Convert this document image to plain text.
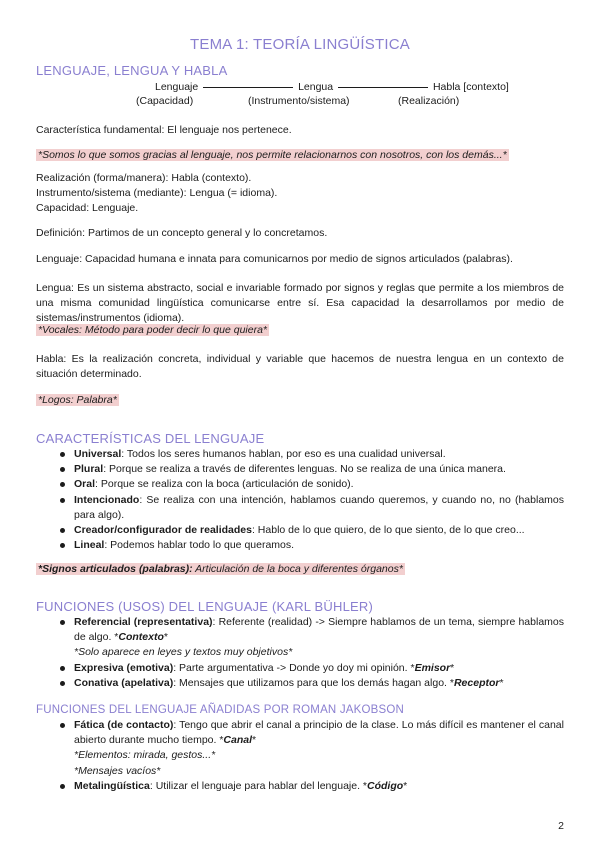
TEMA 1: TEORÍA LINGÜÍSTICA
LENGUAJE, LENGUA Y HABLA
Lenguaje	Lengua	Habla [contexto]
(Capacidad)	(Instrumento/sistema)	(Realización)
Característica fundamental: El lenguaje nos pertenece.
*Somos lo que somos gracias al lenguaje, nos permite relacionarnos con nosotros, con los demás...*
Realización (forma/manera): Habla (contexto).
Instrumento/sistema (mediante): Lengua (= idioma).
Capacidad: Lenguaje.
Definición: Partimos de un concepto general y lo concretamos.
Lenguaje: Capacidad humana e innata para comunicarnos por medio de signos articulados (palabras).
Lengua: Es un sistema abstracto, social e invariable formado por signos y reglas que permite a los miembros de una misma comunidad lingüística comunicarse entre sí. Esa capacidad la desarrollamos por medio de sistemas/instrumentos (idioma).
*Vocales: Método para poder decir lo que quiera*
Habla: Es la realización concreta, individual y variable que hacemos de nuestra lengua en un contexto de situación determinado.
*Logos: Palabra*
CARACTERÍSTICAS DEL LENGUAJE
Universal: Todos los seres humanos hablan, por eso es una cualidad universal.
Plural: Porque se realiza a través de diferentes lenguas. No se realiza de una única manera.
Oral: Porque se realiza con la boca (articulación de sonido).
Intencionado: Se realiza con una intención, hablamos cuando queremos, y cuando no, no (hablamos para algo).
Creador/configurador de realidades: Hablo de lo que quiero, de lo que siento, de lo que creo...
Lineal: Podemos hablar todo lo que queramos.
*Signos articulados (palabras): Articulación de la boca y diferentes órganos*
FUNCIONES (USOS) DEL LENGUAJE (KARL BÜHLER)
Referencial (representativa): Referente (realidad) -> Siempre hablamos de un tema, siempre hablamos de algo. *Contexto*
*Solo aparece en leyes y textos muy objetivos*
Expresiva (emotiva): Parte argumentativa -> Donde yo doy mi opinión. *Emisor*
Conativa (apelativa): Mensajes que utilizamos para que los demás hagan algo. *Receptor*
FUNCIONES DEL LENGUAJE AÑADIDAS POR ROMAN JAKOBSON
Fática (de contacto): Tengo que abrir el canal a principio de la clase. Lo más difícil es mantener el canal abierto durante mucho tiempo. *Canal*
*Elementos: mirada, gestos...*
*Mensajes vacíos*
Metalingüística: Utilizar el lenguaje para hablar del lenguaje. *Código*
2
